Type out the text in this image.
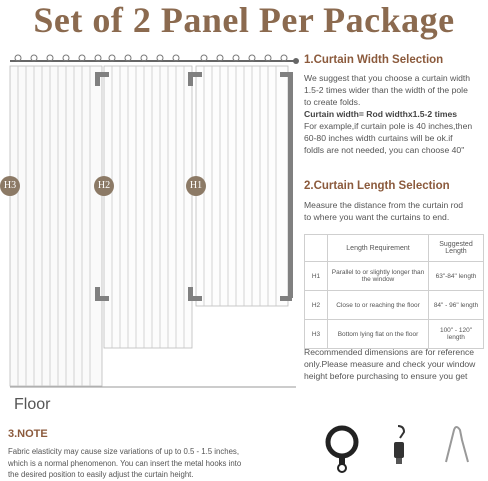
Set of 2 Panel Per Package
H3	H2	H1
Floor
1.Curtain Width Selection
We suggest that you choose a curtain width
1.5-2 times wider than the width of the pole
to create folds.
Curtain width= Rod widthx1.5-2 times
For example,if curtain pole is 40 inches,then
60-80 inches width curtains will be ok.if
foldls are not needed, you can choose 40"
2.Curtain Length Selection
Measure the distance from the curtain rod
to where you want the curtains to end.
	Length Requirement	Suggested Length
H1	Parallel to or slightly longer than the window	63"-84" length
H2	Close to or reaching the floor	84" - 96" length
H3	Bottom lying flat on the floor	100" - 120" length
Recommended dimensions are for reference
only.Please measure and check your window
height before purchasing to ensure you get
3.NOTE
Fabric elasticity may cause size variations of up to 0.5 - 1.5 inches,
which is a normal phenomenon. You can insert the metal hooks into
the desired position to easily adjust the curtain height.
